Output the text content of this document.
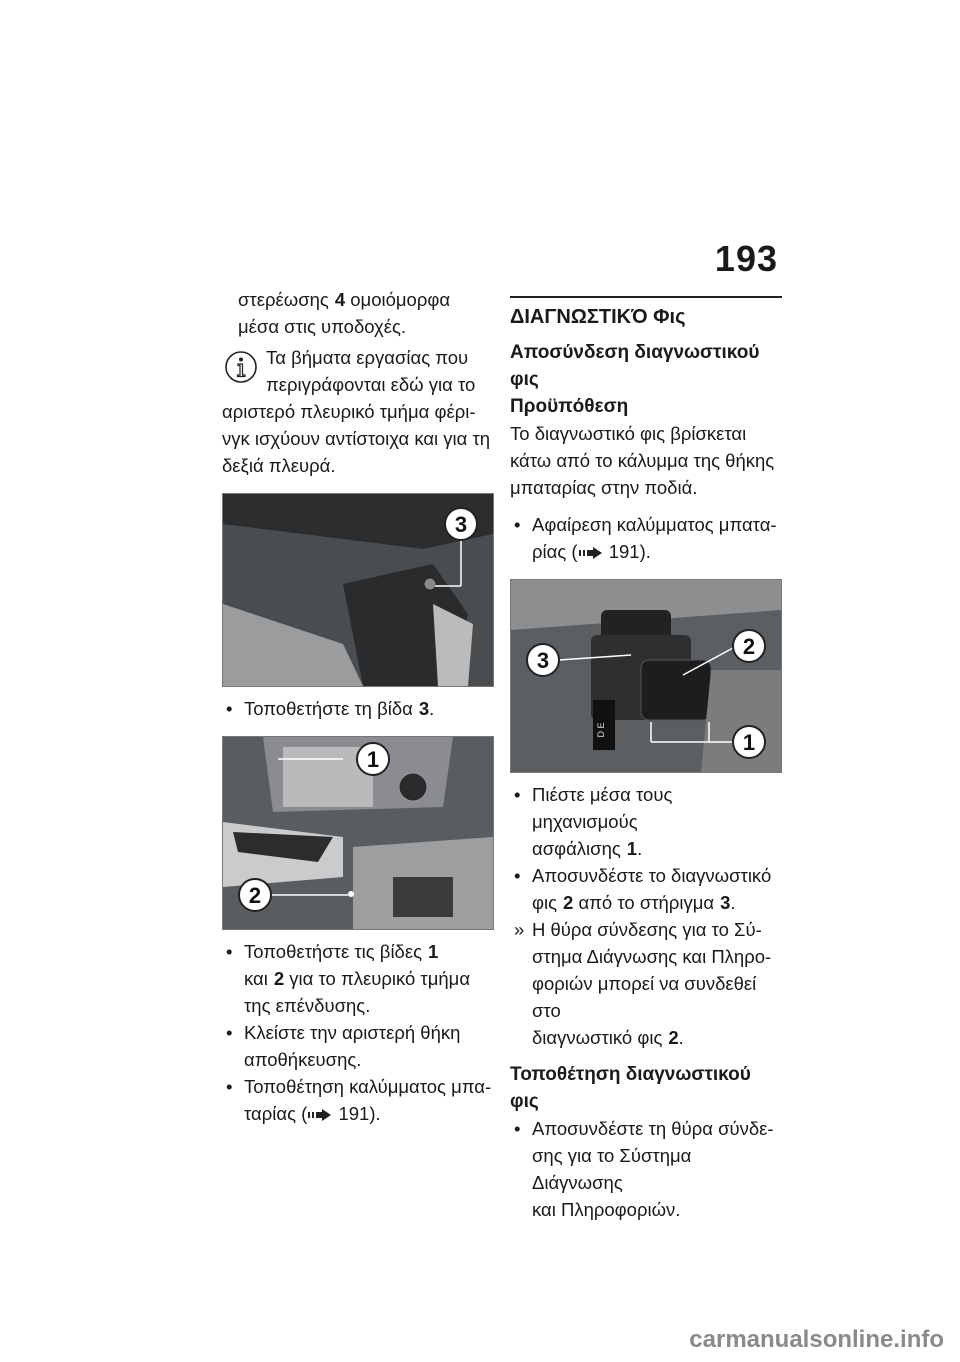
193

στερέωσης 4 ομοιόμορφα

μέσα στις υποδοχές.

Τα βήματα εργασίας που

περιγράφονται εδώ για το

αριστερό πλευρικό τμήμα φέρι-

νγκ ισχύουν αντίστοιχα και για τη

δεξιά πλευρά.

3

• Τοποθετήστε τη βίδα 3.

1
2

• Τοποθετήστε τις βίδες 1
και 2 για το πλευρικό τμήμα
της επένδυσης.

• Κλείστε την αριστερή θήκη
αποθήκευσης.

• Τοποθέτηση καλύμματος μπα-
ταρίας ( 191).

ΔΙΑΓΝΩΣΤΙΚΌ Φις

Αποσύνδεση διαγνωστικού
φις

Προϋπόθεση

Το διαγνωστικό φις βρίσκεται

κάτω από το κάλυμμα της θήκης

μπαταρίας στην ποδιά.

• Αφαίρεση καλύμματος μπατα-
ρίας ( 191).

D E
3
2
1

• Πιέστε μέσα τους μηχανισμούς
ασφάλισης 1.

• Αποσυνδέστε το διαγνωστικό
φις 2 από το στήριγμα 3.

» Η θύρα σύνδεσης για το Σύ-
στημα Διάγνωσης και Πληρο-
φοριών μπορεί να συνδεθεί στο
διαγνωστικό φις 2.

Τοποθέτηση διαγνωστικού
φις

• Αποσυνδέστε τη θύρα σύνδε-
σης για το Σύστημα Διάγνωσης
και Πληροφοριών.

carmanualsonline.info
